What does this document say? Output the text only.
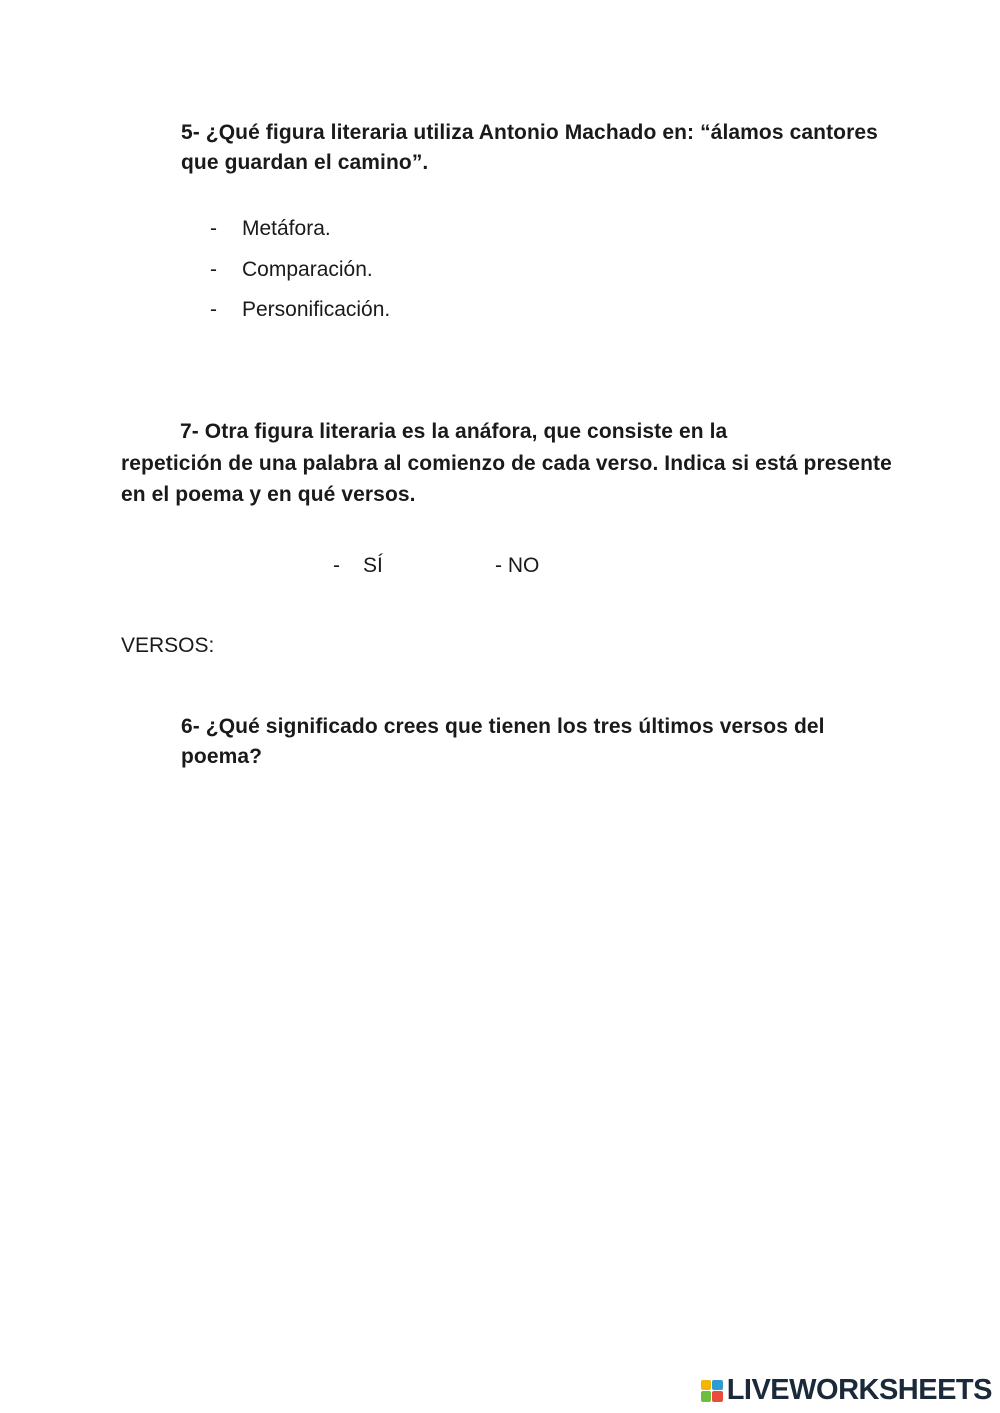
5- ¿Qué figura literaria utiliza Antonio Machado en: “álamos cantores que guardan el camino”.
- Metáfora.
- Comparación.
- Personificación.
7- Otra figura literaria es la anáfora, que consiste en la
repetición de una palabra al comienzo de cada verso. Indica si está presente en el poema y en qué versos.
- SÍ	- NO
VERSOS:
6- ¿Qué significado crees que tienen los tres últimos versos del poema?
LIVEWORKSHEETS
